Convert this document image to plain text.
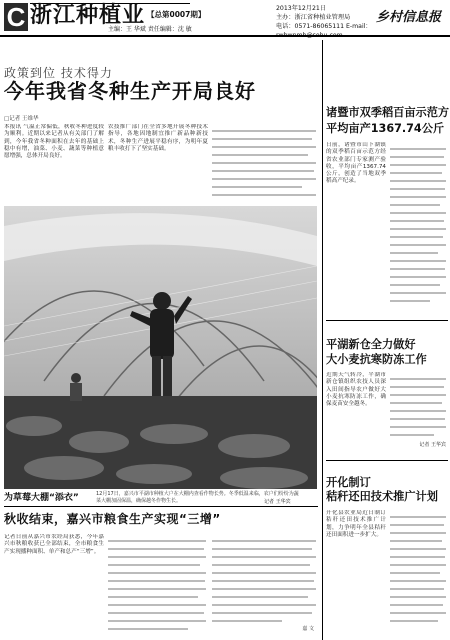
C 浙江种植业 【总第0007期】
主编：王 华斌 责任编辑：沈 敏
2013年12月21日
主办：浙江省种植业管理局
电话：0571-86065111 E-mail：
乡村信息报
政策到位 技术得力
今年我省冬种生产开局良好
□记者 王维华
本报讯 气温正常偏低，秋收冬种进度较为顺利。近期以来记者从有关部门了解到，今年我省冬种面积在去年的基础上稳中有增，油菜、小麦、蔬菜等种植意愿增强，总体开局良好。
农技推广部门在全省多地开展冬种技术指导，各地因地制宜推广新品种新技术，冬种生产进展平稳有序，为明年夏粮丰收打下了坚实基础。
诸暨市双季稻百亩示范方
平均亩产1367.74公斤
日前，诸暨市山下湖镇的双季稻百亩示范方经省农业部门专家测产验收，平均亩产1367.74公斤，创造了当地双季稻高产纪录。
平湖新仓全力做好
大小麦抗寒防冻工作
近期天气转冷，平湖市新仓镇组织农技人员深入田间指导农户做好大小麦抗寒防冻工作，确保麦苗安全越冬。
记者 王华宾
开化制订
秸秆还田技术推广计划
开化县农业局近日制订秸秆还田技术推广计划，力争明年全县秸秆还田面积进一步扩大。
12月17日，嘉兴市平湖市种植大户在大棚内查看作物长势。冬季低温来临，农户们纷纷为蔬菜大棚加固保温，确保越冬作物生长。	记者 王华宾
为草莓大棚“添衣”
秋收结束，嘉兴市粮食生产实现“三增”
记者日前从嘉兴市农经局获悉，今年嘉兴市秋粮收获已全部结束，全市粮食生产实现播种面积、单产和总产“三增”。
嘉 文
